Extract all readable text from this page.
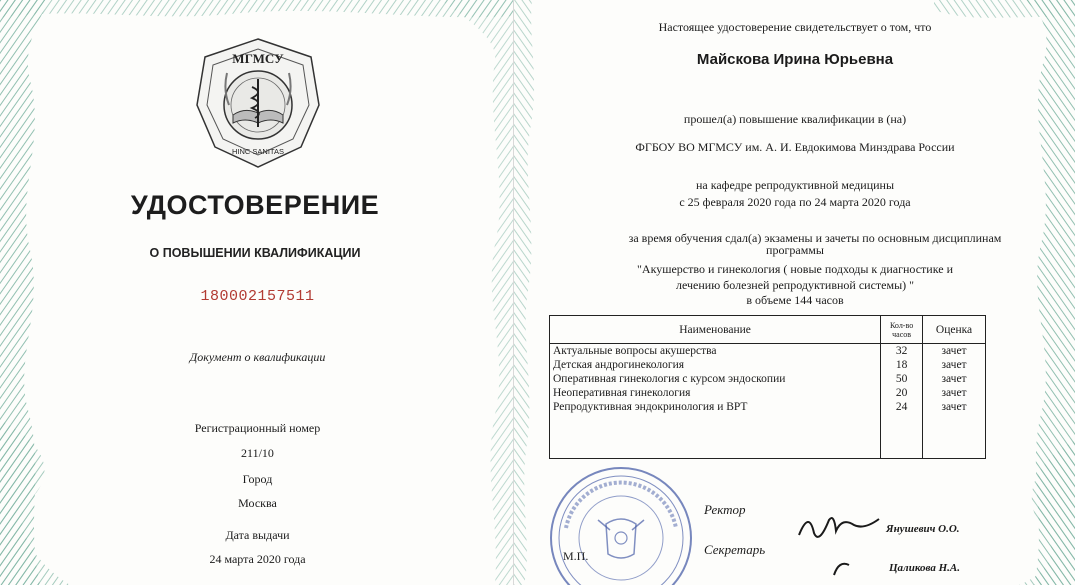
МГМСУ
HINC SANITAS
УДОСТОВЕРЕНИЕ
О ПОВЫШЕНИИ КВАЛИФИКАЦИИ
180002157511
Документ о квалификации
Регистрационный номер
211/10
Город
Москва
Дата выдачи
24 марта 2020 года
Настоящее удостоверение свидетельствует о том, что
Майскова Ирина Юрьевна
прошел(а) повышение квалификации в (на)
ФГБОУ ВО МГМСУ им. А. И. Евдокимова Минздрава России
на кафедре репродуктивной медицины
с 25 февраля 2020 года по 24 марта 2020 года
за время обучения сдал(а) экзамены и зачеты по основным дисциплинам
программы
"Акушерство и гинекология ( новые подходы к диагностике и
лечению болезней репродуктивной системы) "
в объеме 144 часов
Наименование	Кол-во часов	Оценка
Актуальные вопросы акушерства	32	зачет
Детская андрогинекология	18	зачет
Оперативная гинекология с курсом эндоскопии	50	зачет
Неоперативная гинекология	20	зачет
Репродуктивная эндокринология и ВРТ	24	зачет
М.П.
Ректор
Янушевич О.О.
Секретарь
Цаликова Н.А.
